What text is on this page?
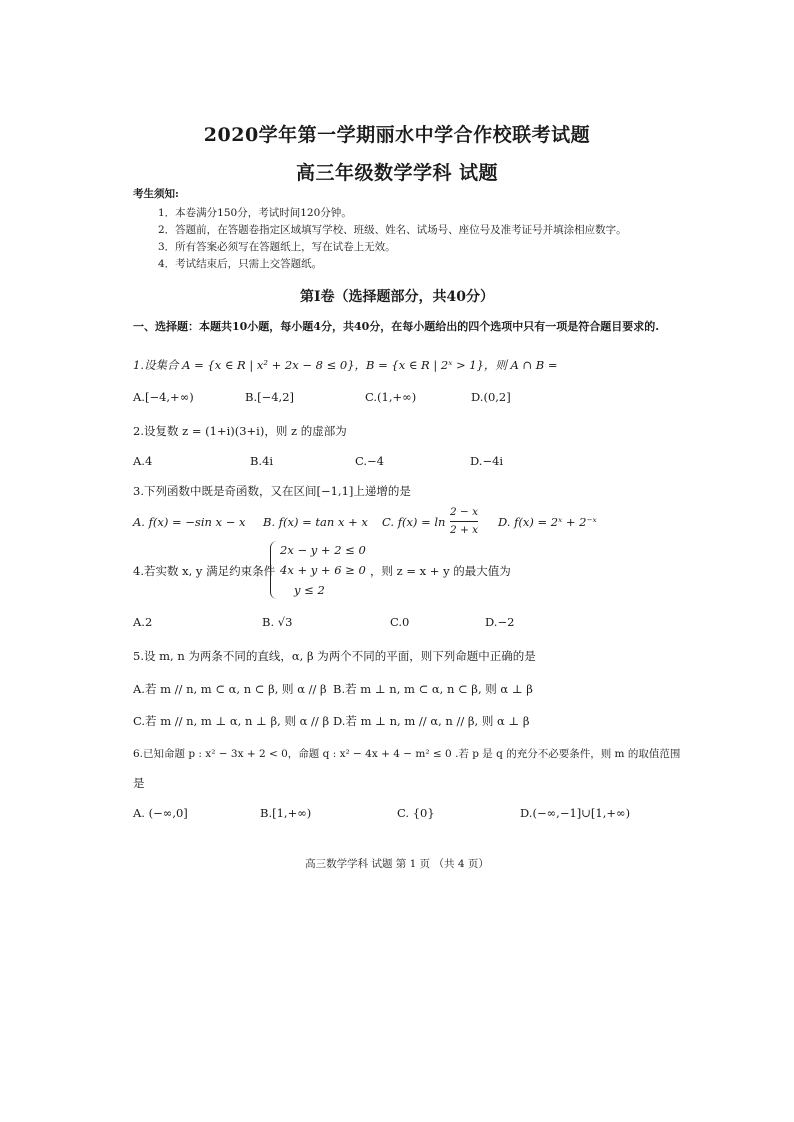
2020学年第一学期丽水中学合作校联考试题
高三年级数学学科 试题
考生须知:
1．本卷满分150分，考试时间120分钟。
2．答题前，在答题卷指定区域填写学校、班级、姓名、试场号、座位号及准考证号并填涂相应数字。
3．所有答案必须写在答题纸上，写在试卷上无效。
4．考试结束后，只需上交答题纸。
第Ⅰ卷（选择题部分，共40分）
一、选择题：本题共10小题，每小题4分，共40分，在每小题给出的四个选项中只有一项是符合题目要求的.
1.设集合 A = {x ∈ R | x² + 2x − 8 ≤ 0}，B = {x ∈ R | 2ˣ > 1}，则 A ∩ B =
A.[−4,+∞)	B.[−4,2]	C.(1,+∞)	D.(0,2]
2.设复数 z = (1+i)(3+i)，则 z 的虚部为
A.4	B.4i	C.−4	D.−4i
3.下列函数中既是奇函数，又在区间[−1,1]上递增的是
A. f(x) = −sin x − x B. f(x) = tan x + x C. f(x) = ln
2 − x
2 + x
D. f(x) = 2ˣ + 2⁻ˣ
4.若实数 x, y 满足约束条件
2x − y + 2 ≤ 0
4x + y + 6 ≥ 0
y ≤ 2
，则 z = x + y 的最大值为
A.2	B. √3	C.0	D.−2
5.设 m, n 为两条不同的直线，α, β 为两个不同的平面，则下列命题中正确的是
A.若 m // n, m ⊂ α, n ⊂ β, 则 α // β B.若 m ⊥ n, m ⊂ α, n ⊂ β, 则 α ⊥ β
C.若 m // n, m ⊥ α, n ⊥ β, 则 α // β D.若 m ⊥ n, m // α, n // β, 则 α ⊥ β
6.已知命题 p : x² − 3x + 2 < 0，命题 q : x² − 4x + 4 − m² ≤ 0 .若 p 是 q 的充分不必要条件，则 m 的取值范围
是
A. (−∞,0]	B.[1,+∞)	C. {0}	D.(−∞,−1]∪[1,+∞)
高三数学学科 试题 第 1 页 （共 4 页）
